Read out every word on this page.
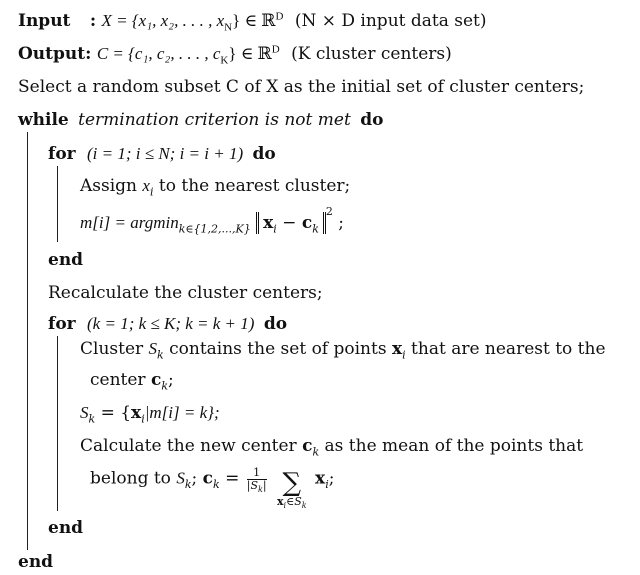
Input : X = {x₁, x₂, . . . , $x_N$} ∈ ℝ$^D$ (N × D input data set)
Output: C = {c₁, c₂, . . . , $c_K$} ∈ ℝ$^D$ (K cluster centers)
Select a random subset C of X as the initial set of cluster centers;
while termination criterion is not met do
for (i = 1; i ≤ N; i = i + 1) do
Assign $x_i$ to the nearest cluster;
m[i] = argmin$_{k\in\{1,2,...,K\}}$ $x_i - c_k^2$ ;
end
Recalculate the cluster centers;
for (k = 1; k ≤ K; k = k + 1) do
Cluster $S_k$ contains the set of points $x_i$ that are nearest to the
center $c_k$;
$S_k = \{x_i|m[i] = k\}$;
Calculate the new center $c_k$ as the mean of the points that
belong to $S_k$; $c_k = \frac{1}{|S_k|}$
∑
$x_i\in S_k$
$x_i$;
end
end
